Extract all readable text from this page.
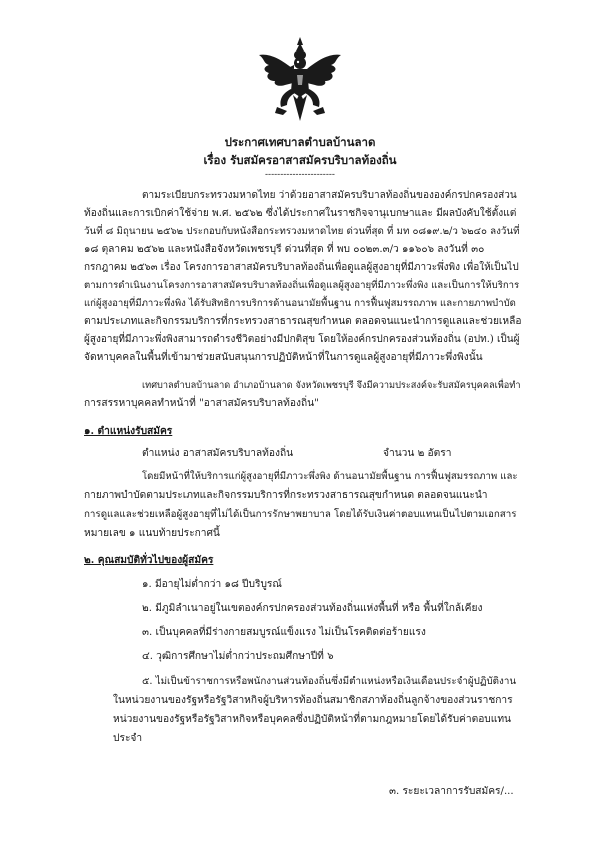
ประกาศเทศบาลตำบลบ้านลาด
เรื่อง รับสมัครอาสาสมัครบริบาลท้องถิ่น
-----------------------
ตามระเบียบกระทรวงมหาดไทย ว่าด้วยอาสาสมัครบริบาลท้องถิ่นขององค์กรปกครองส่วน
ท้องถิ่นและการเบิกค่าใช้จ่าย พ.ศ. ๒๕๖๒ ซึ่งได้ประกาศในราชกิจจานุเบกษาและ มีผลบังคับใช้ตั้งแต่
วันที่ ๘ มิถุนายน ๒๕๖๒ ประกอบกับหนังสือกระทรวงมหาดไทย ด่วนที่สุด ที่ มท ๐๘๑๙.๒/ว ๖๒๔๐ ลงวันที่
๑๘ ตุลาคม ๒๕๖๒ และหนังสือจังหวัดเพชรบุรี ด่วนที่สุด ที่ พบ ๐๐๒๓.๓/ว ๑๑๖๐๖ ลงวันที่ ๓๐
กรกฎาคม ๒๕๖๓ เรื่อง โครงการอาสาสมัครบริบาลท้องถิ่นเพื่อดูแลผู้สูงอายุที่มีภาวะพึ่งพิง เพื่อให้เป็นไป
ตามการดำเนินงานโครงการอาสาสมัครบริบาลท้องถิ่นเพื่อดูแลผู้สูงอายุที่มีภาวะพึ่งพิง และเป็นการให้บริการ
แก่ผู้สูงอายุที่มีภาวะพึ่งพิง ได้รับสิทธิการบริการด้านอนามัยพื้นฐาน การฟื้นฟูสมรรถภาพ และกายภาพบำบัด
ตามประเภทและกิจกรรมบริการที่กระทรวงสาธารณสุขกำหนด ตลอดจนแนะนำการดูแลและช่วยเหลือ
ผู้สูงอายุที่มีภาวะพึ่งพิงสามารถดำรงชีวิตอย่างมีปกติสุข โดยให้องค์กรปกครองส่วนท้องถิ่น (อปท.) เป็นผู้
จัดหาบุคคลในพื้นที่เข้ามาช่วยสนับสนุนการปฏิบัติหน้าที่ในการดูแลผู้สูงอายุที่มีภาวะพึ่งพิงนั้น
เทศบาลตำบลบ้านลาด อำเภอบ้านลาด จังหวัดเพชรบุรี จึงมีความประสงค์จะรับสมัครบุคคลเพื่อทำ
การสรรหาบุคคลทำหน้าที่ "อาสาสมัครบริบาลท้องถิ่น"
๑. ตำแหน่งรับสมัคร
ตำแหน่ง อาสาสมัครบริบาลท้องถิ่น	จำนวน ๒ อัตรา
โดยมีหน้าที่ให้บริการแก่ผู้สูงอายุที่มีภาวะพึ่งพิง ด้านอนามัยพื้นฐาน การฟื้นฟูสมรรถภาพ และ
กายภาพบำบัดตามประเภทและกิจกรรมบริการที่กระทรวงสาธารณสุขกำหนด ตลอดจนแนะนำ
การดูแลและช่วยเหลือผู้สูงอายุที่ไม่ได้เป็นการรักษาพยาบาล โดยได้รับเงินค่าตอบแทนเป็นไปตามเอกสาร
หมายเลข ๑ แนบท้ายประกาศนี้
๒. คุณสมบัติทั่วไปของผู้สมัคร
๑. มีอายุไม่ต่ำกว่า ๑๘ ปีบริบูรณ์
๒. มีภูมิลำเนาอยู่ในเขตองค์กรปกครองส่วนท้องถิ่นแห่งพื้นที่ หรือ พื้นที่ใกล้เคียง
๓. เป็นบุคคลที่มีร่างกายสมบูรณ์แข็งแรง ไม่เป็นโรคติดต่อร้ายแรง
๔. วุฒิการศึกษาไม่ต่ำกว่าประถมศึกษาปีที่ ๖
๕. ไม่เป็นข้าราชการหรือพนักงานส่วนท้องถิ่นซึ่งมีตำแหน่งหรือเงินเดือนประจำผู้ปฏิบัติงาน
ในหน่วยงานของรัฐหรือรัฐวิสาหกิจผู้บริหารท้องถิ่นสมาชิกสภาท้องถิ่นลูกจ้างของส่วนราชการ
หน่วยงานของรัฐหรือรัฐวิสาหกิจหรือบุคคลซึ่งปฏิบัติหน้าที่ตามกฎหมายโดยได้รับค่าตอบแทน
ประจำ
๓. ระยะเวลาการรับสมัคร/...
